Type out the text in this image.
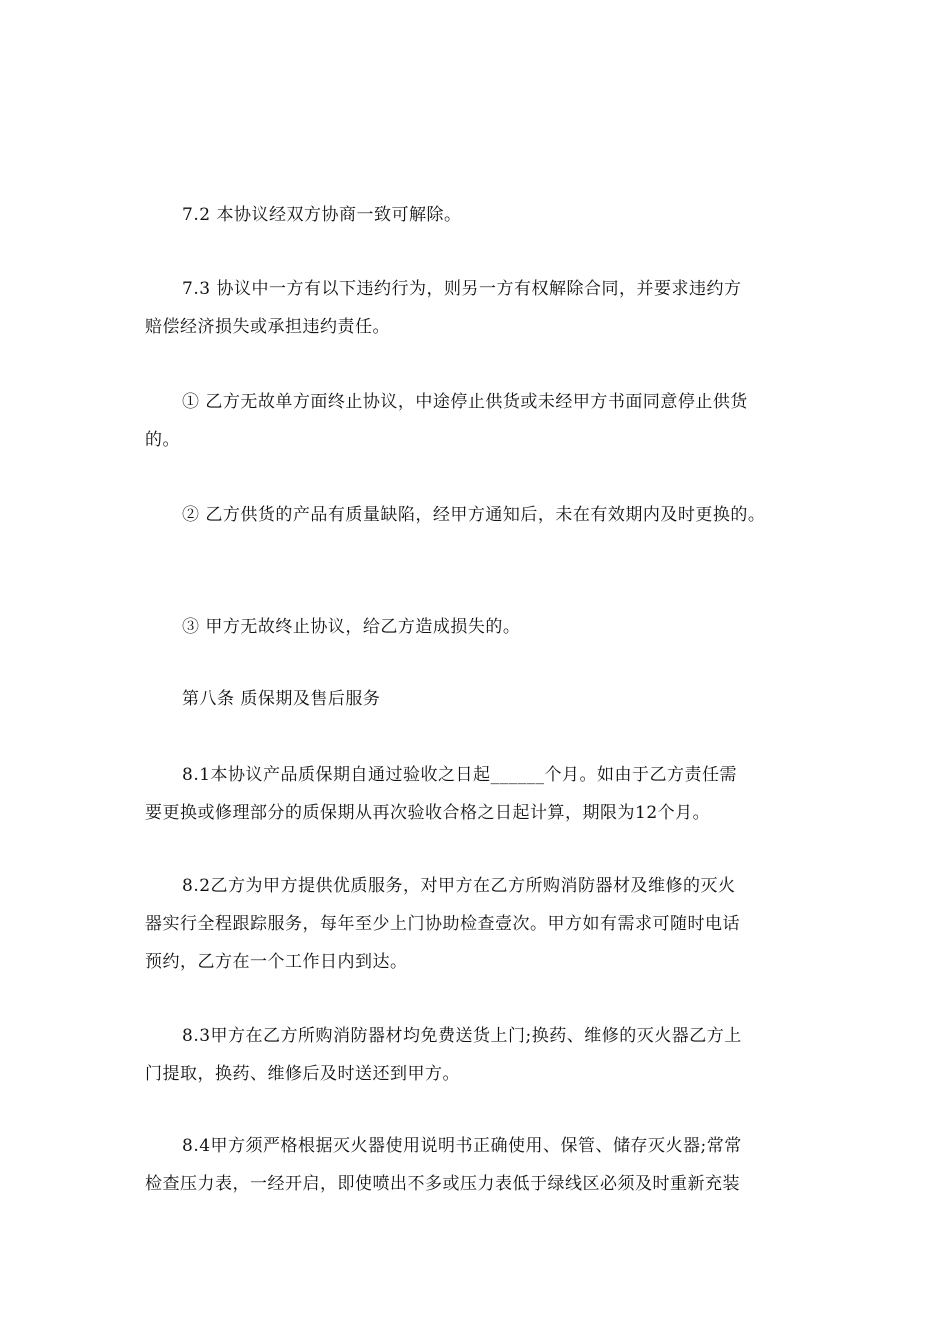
7.2 本协议经双方协商一致可解除。
7.3 协议中一方有以下违约行为，则另一方有权解除合同，并要求违约方
赔偿经济损失或承担违约责任。
① 乙方无故单方面终止协议，中途停止供货或未经甲方书面同意停止供货
的。
② 乙方供货的产品有质量缺陷，经甲方通知后，未在有效期内及时更换的。
③ 甲方无故终止协议，给乙方造成损失的。
第八条 质保期及售后服务
8.1本协议产品质保期自通过验收之日起______个月。如由于乙方责任需
要更换或修理部分的质保期从再次验收合格之日起计算，期限为12个月。
8.2乙方为甲方提供优质服务，对甲方在乙方所购消防器材及维修的灭火
器实行全程跟踪服务，每年至少上门协助检查壹次。甲方如有需求可随时电话
预约，乙方在一个工作日内到达。
8.3甲方在乙方所购消防器材均免费送货上门;换药、维修的灭火器乙方上
门提取，换药、维修后及时送还到甲方。
8.4甲方须严格根据灭火器使用说明书正确使用、保管、储存灭火器;常常
检查压力表，一经开启，即使喷出不多或压力表低于绿线区必须及时重新充装
